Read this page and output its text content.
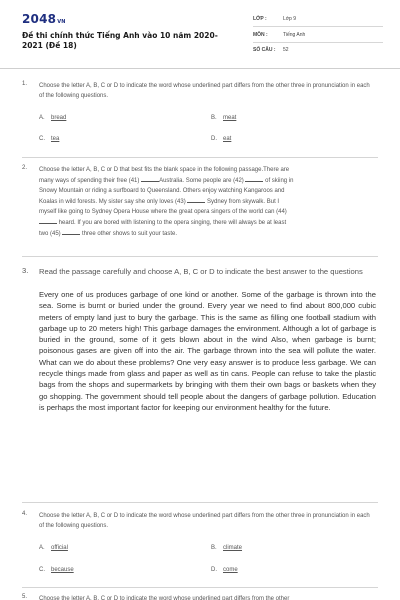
2048VN
Đề thi chính thức Tiếng Anh vào 10 năm 2020-2021 (Đề 18)
LỚP :	Lớp 9
MÔN :	Tiếng Anh
SỐ CÂU : 52
1. Choose the letter A, B, C or D to indicate the word whose underlined part differs from the other three in pronunciation in each of the following questions.
A. bread	B. meat
C. tea	D. eat
2. Choose the letter A, B, C or D that best fits the blank space in the following passage.There are
many ways of spending their free (41)	Australia. Some people are (42)	of skiing in
Snowy Mountain or riding a surfboard to Queensland. Others enjoy watching Kangaroos and
Koalas in wild forests. My sister say she only loves (43)	Sydney from skywalk. But I
myself like going to Sydney Opera House where the great opera singers of the world can (44)
heard. If you are bored with listening to the opera singing, there will always be at least
two (45)	three other shows to suit your taste.
3. Read the passage carefully and choose A, B, C or D to indicate the best answer to the questions
Every one of us produces garbage of one kind or another. Some of the garbage is thrown into the sea. Some is burnt or buried under the ground. Every year we need to find about 800,000 cubic meters of empty land just to bury the garbage. This is the same as filling one football stadium with garbage up to 20 meters high! This garbage damages the environment. Although a lot of garbage is buried in the ground, some of it gets blown about in the wind Also, when garbage is burnt; poisonous gases are given off into the air. The garbage thrown into the sea will pollute the water. What can we do about these problems? One very easy answer is to produce less garbage. We can recycle things made from glass and paper as well as tin cans. People can refuse to take the plastic bags from the shops and supermarkets by bringing with them their own bags or baskets when they go shopping. The government should tell people about the dangers of garbage pollution. Education is perhaps the most important factor for keeping our environment healthy for the future.
4. Choose the letter A, B, C or D to indicate the word whose underlined part differs from the other three in pronunciation in each of the following questions.
A. official	B. climate
C. because	D. come
5. Choose the letter A, B, C or D to indicate the word whose underlined part differs from the other
